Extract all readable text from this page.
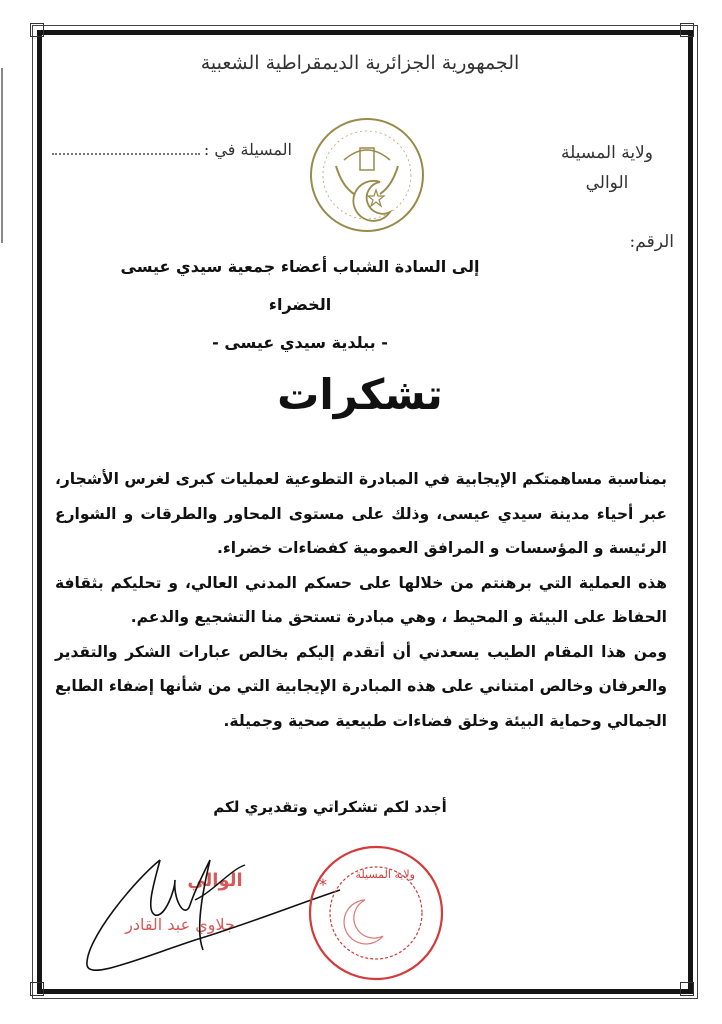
الجمهورية الجزائرية الديمقراطية الشعبية
ولاية المسيلة
الوالي
الرقم:
المسيلة في :
إلى السادة الشباب أعضاء جمعية سيدي عيسى الخضراء
- ببلدية سيدي عيسى -
تشكرات

بمناسبة مساهمتكم الإيجابية في المبادرة التطوعية لعمليات كبرى لغرس الأشجار، عبر أحياء مدينة سيدي عيسى، وذلك على مستوى المحاور والطرقات و الشوارع الرئيسة و المؤسسات و المرافق العمومية كفضاءات خضراء.

هذه العملية التي برهنتم من خلالها على حسكم المدني العالي، و تحليكم بثقافة الحفاظ على البيئة و المحيط ، وهي مبادرة تستحق منا التشجيع والدعم.

ومن هذا المقام الطيب يسعدني أن أتقدم إليكم بخالص عبارات الشكر والتقدير والعرفان وخالص امتناني على هذه المبادرة الإيجابية التي من شأنها إضفاء الطابع الجمالي وحماية البيئة وخلق فضاءات طبيعية صحية وجميلة.

أجدد لكم تشكراتي وتقديري لكم
الوالي
جلاوي عبد القادر
*
ولاية المسيلة
